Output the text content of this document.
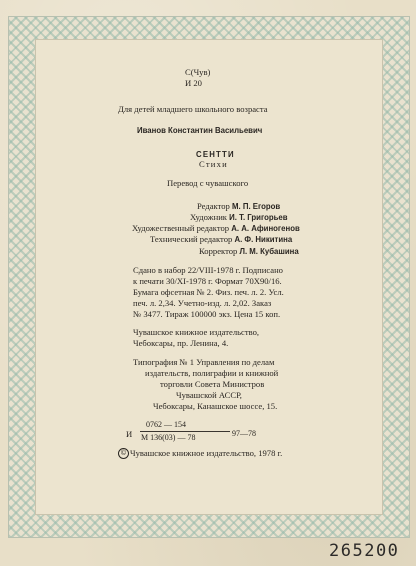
С(Чув)
И 20
Для детей младшего школьного возраста
Иванов Константин Васильевич
СЕНТТИ
Стихи
Перевод с чувашского
Редактор М. П. Егоров
Художник И. Т. Григорьев
Художественный редактор А. А. Афиногенов
Технический редактор А. Ф. Никитина
Корректор Л. М. Кубашина
Сдано в набор 22/VIII-1978 г. Подписано
к печати 30/XI-1978 г. Формат 70Х90/16.
Бумага офсетная № 2. Физ. печ. л. 2. Усл.
печ. л. 2,34. Учетно-изд. л. 2,02. Заказ
№ 3477. Тираж 100000 экз. Цена 15 коп.
Чувашское книжное издательство,
Чебоксары, пр. Ленина, 4.
Типография № 1 Управления по делам
издательств, полиграфии и книжной
торговли Совета Министров
Чувашской АССР,
Чебоксары, Канашское шоссе, 15.
И
0762 — 154
М 136(03) — 78	97—78
© Чувашское книжное издательство, 1978 г.
265200
